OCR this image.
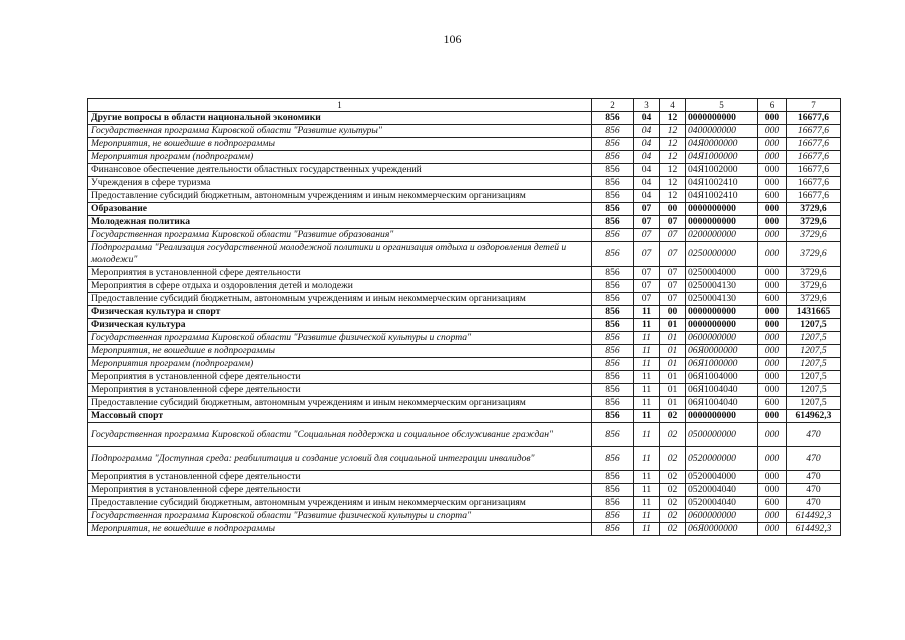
106
1	2	3	4	5	6	7
Другие вопросы в области национальной экономики	856	04	12	0000000000	000	16677,6
Государственная программа Кировской области "Развитие культуры"	856	04	12	0400000000	000	16677,6
Мероприятия, не вошедшие в подпрограммы	856	04	12	04Я0000000	000	16677,6
Мероприятия программ (подпрограмм)	856	04	12	04Я1000000	000	16677,6
Финансовое обеспечение деятельности областных государственных учреждений	856	04	12	04Я1002000	000	16677,6
Учреждения в сфере туризма	856	04	12	04Я1002410	000	16677,6
Предоставление субсидий бюджетным, автономным учреждениям и иным некоммерческим организациям	856	04	12	04Я1002410	600	16677,6
Образование	856	07	00	0000000000	000	3729,6
Молодежная политика	856	07	07	0000000000	000	3729,6
Государственная программа Кировской области "Развитие образования"	856	07	07	0200000000	000	3729,6
Подпрограмма "Реализация государственной молодежной политики и организация отдыха и оздоровления детей и молодежи"	856	07	07	0250000000	000	3729,6
Мероприятия в установленной сфере деятельности	856	07	07	0250004000	000	3729,6
Мероприятия в сфере отдыха и оздоровления детей и молодежи	856	07	07	0250004130	000	3729,6
Предоставление субсидий бюджетным, автономным учреждениям и иным некоммерческим организациям	856	07	07	0250004130	600	3729,6
Физическая культура и спорт	856	11	00	0000000000	000	1431665
Физическая культура	856	11	01	0000000000	000	1207,5
Государственная программа Кировской области "Развитие физической культуры и спорта"	856	11	01	0600000000	000	1207,5
Мероприятия, не вошедшие в подпрограммы	856	11	01	06Я0000000	000	1207,5
Мероприятия программ (подпрограмм)	856	11	01	06Я1000000	000	1207,5
Мероприятия в установленной сфере деятельности	856	11	01	06Я1004000	000	1207,5
Мероприятия в установленной сфере деятельности	856	11	01	06Я1004040	000	1207,5
Предоставление субсидий бюджетным, автономным учреждениям и иным некоммерческим организациям	856	11	01	06Я1004040	600	1207,5
Массовый спорт	856	11	02	0000000000	000	614962,3
Государственная программа Кировской области "Социальная поддержка и социальное обслуживание граждан"	856	11	02	0500000000	000	470
Подпрограмма "Доступная среда: реабилитация и создание условий для социальной интеграции инвалидов"	856	11	02	0520000000	000	470
Мероприятия в установленной сфере деятельности	856	11	02	0520004000	000	470
Мероприятия в установленной сфере деятельности	856	11	02	0520004040	000	470
Предоставление субсидий бюджетным, автономным учреждениям и иным некоммерческим организациям	856	11	02	0520004040	600	470
Государственная программа Кировской области "Развитие физической культуры и спорта"	856	11	02	0600000000	000	614492,3
Мероприятия, не вошедшие в подпрограммы	856	11	02	06Я0000000	000	614492,3
